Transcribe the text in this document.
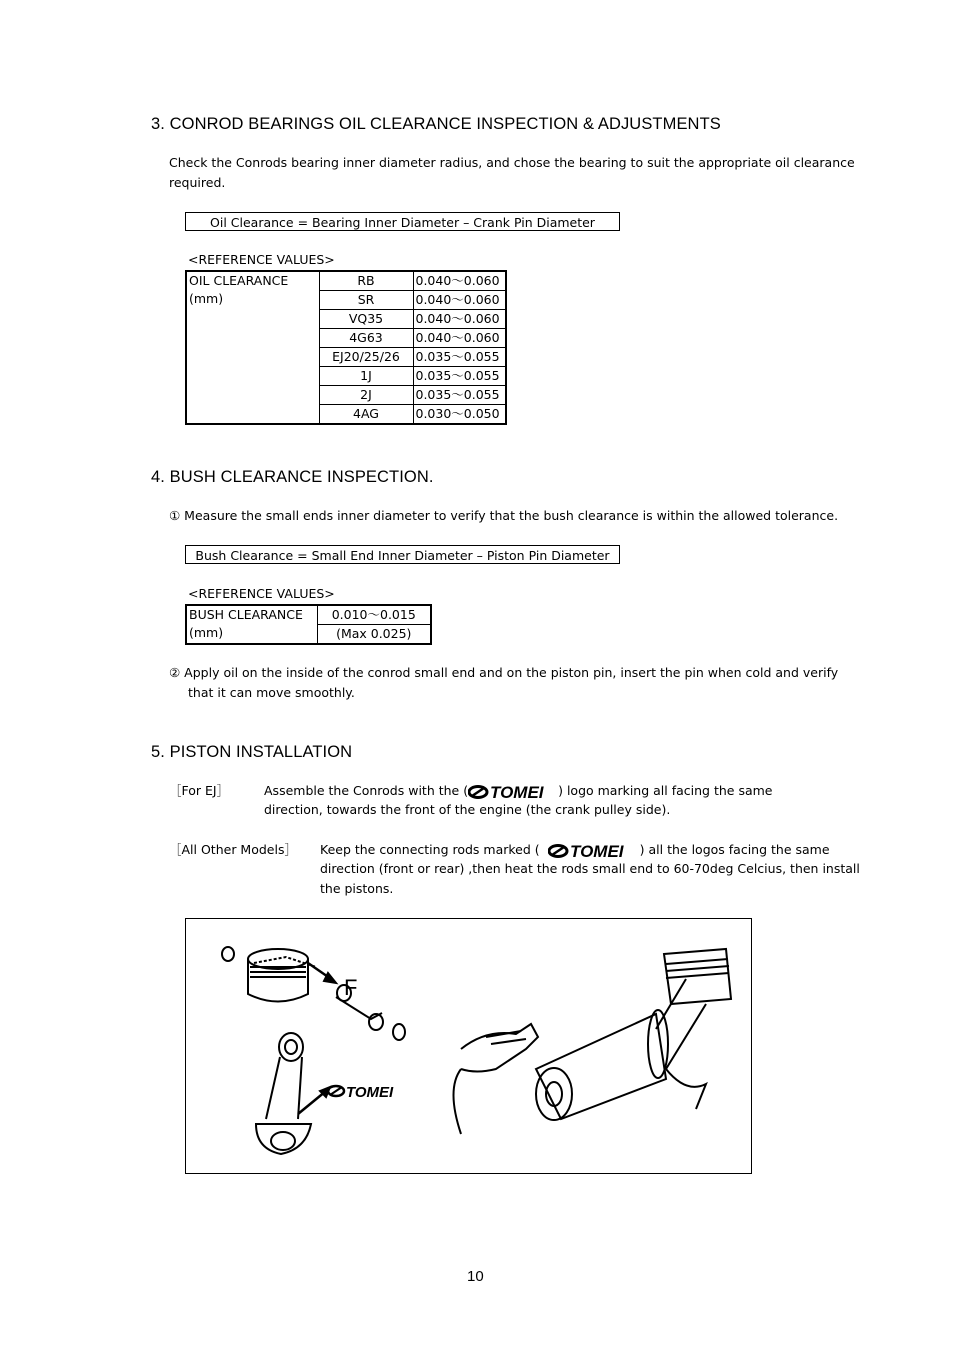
3. CONROD BEARINGS OIL CLEARANCE INSPECTION & ADJUSTMENTS
Check the Conrods bearing inner diameter radius, and chose the bearing to suit the appropriate oil clearance
required.
Oil Clearance = Bearing Inner Diameter – Crank Pin Diameter
<REFERENCE VALUES>
OIL CLEARANCE
(mm)	RB	0.040～0.060
	SR	0.040～0.060
	VQ35	0.040～0.060
	4G63	0.040～0.060
	EJ20/25/26	0.035～0.055
	1J	0.035～0.055
	2J	0.035～0.055
	4AG	0.030～0.050
4. BUSH CLEARANCE INSPECTION.
① Measure the small ends inner diameter to verify that the bush clearance is within the allowed tolerance.
Bush Clearance = Small End Inner Diameter – Piston Pin Diameter
<REFERENCE VALUES>
BUSH CLEARANCE
(mm)
	0.010～0.015
(Max 0.025)
② Apply oil on the inside of the conrod small end and on the piston pin, insert the pin when cold and verify
that it can move smoothly.
5. PISTON INSTALLATION
［For EJ］	Assemble the Conrods with the ( TOMEI ) logo marking all facing the same
direction, towards the front of the engine (the crank pulley side).
［All Other Models］ Keep the connecting rods marked ( TOMEI ) all the logos facing the same
direction (front or rear) ,then heat the rods small end to 60-70deg Celcius, then install
the pistons.
F
TOMEI
10
